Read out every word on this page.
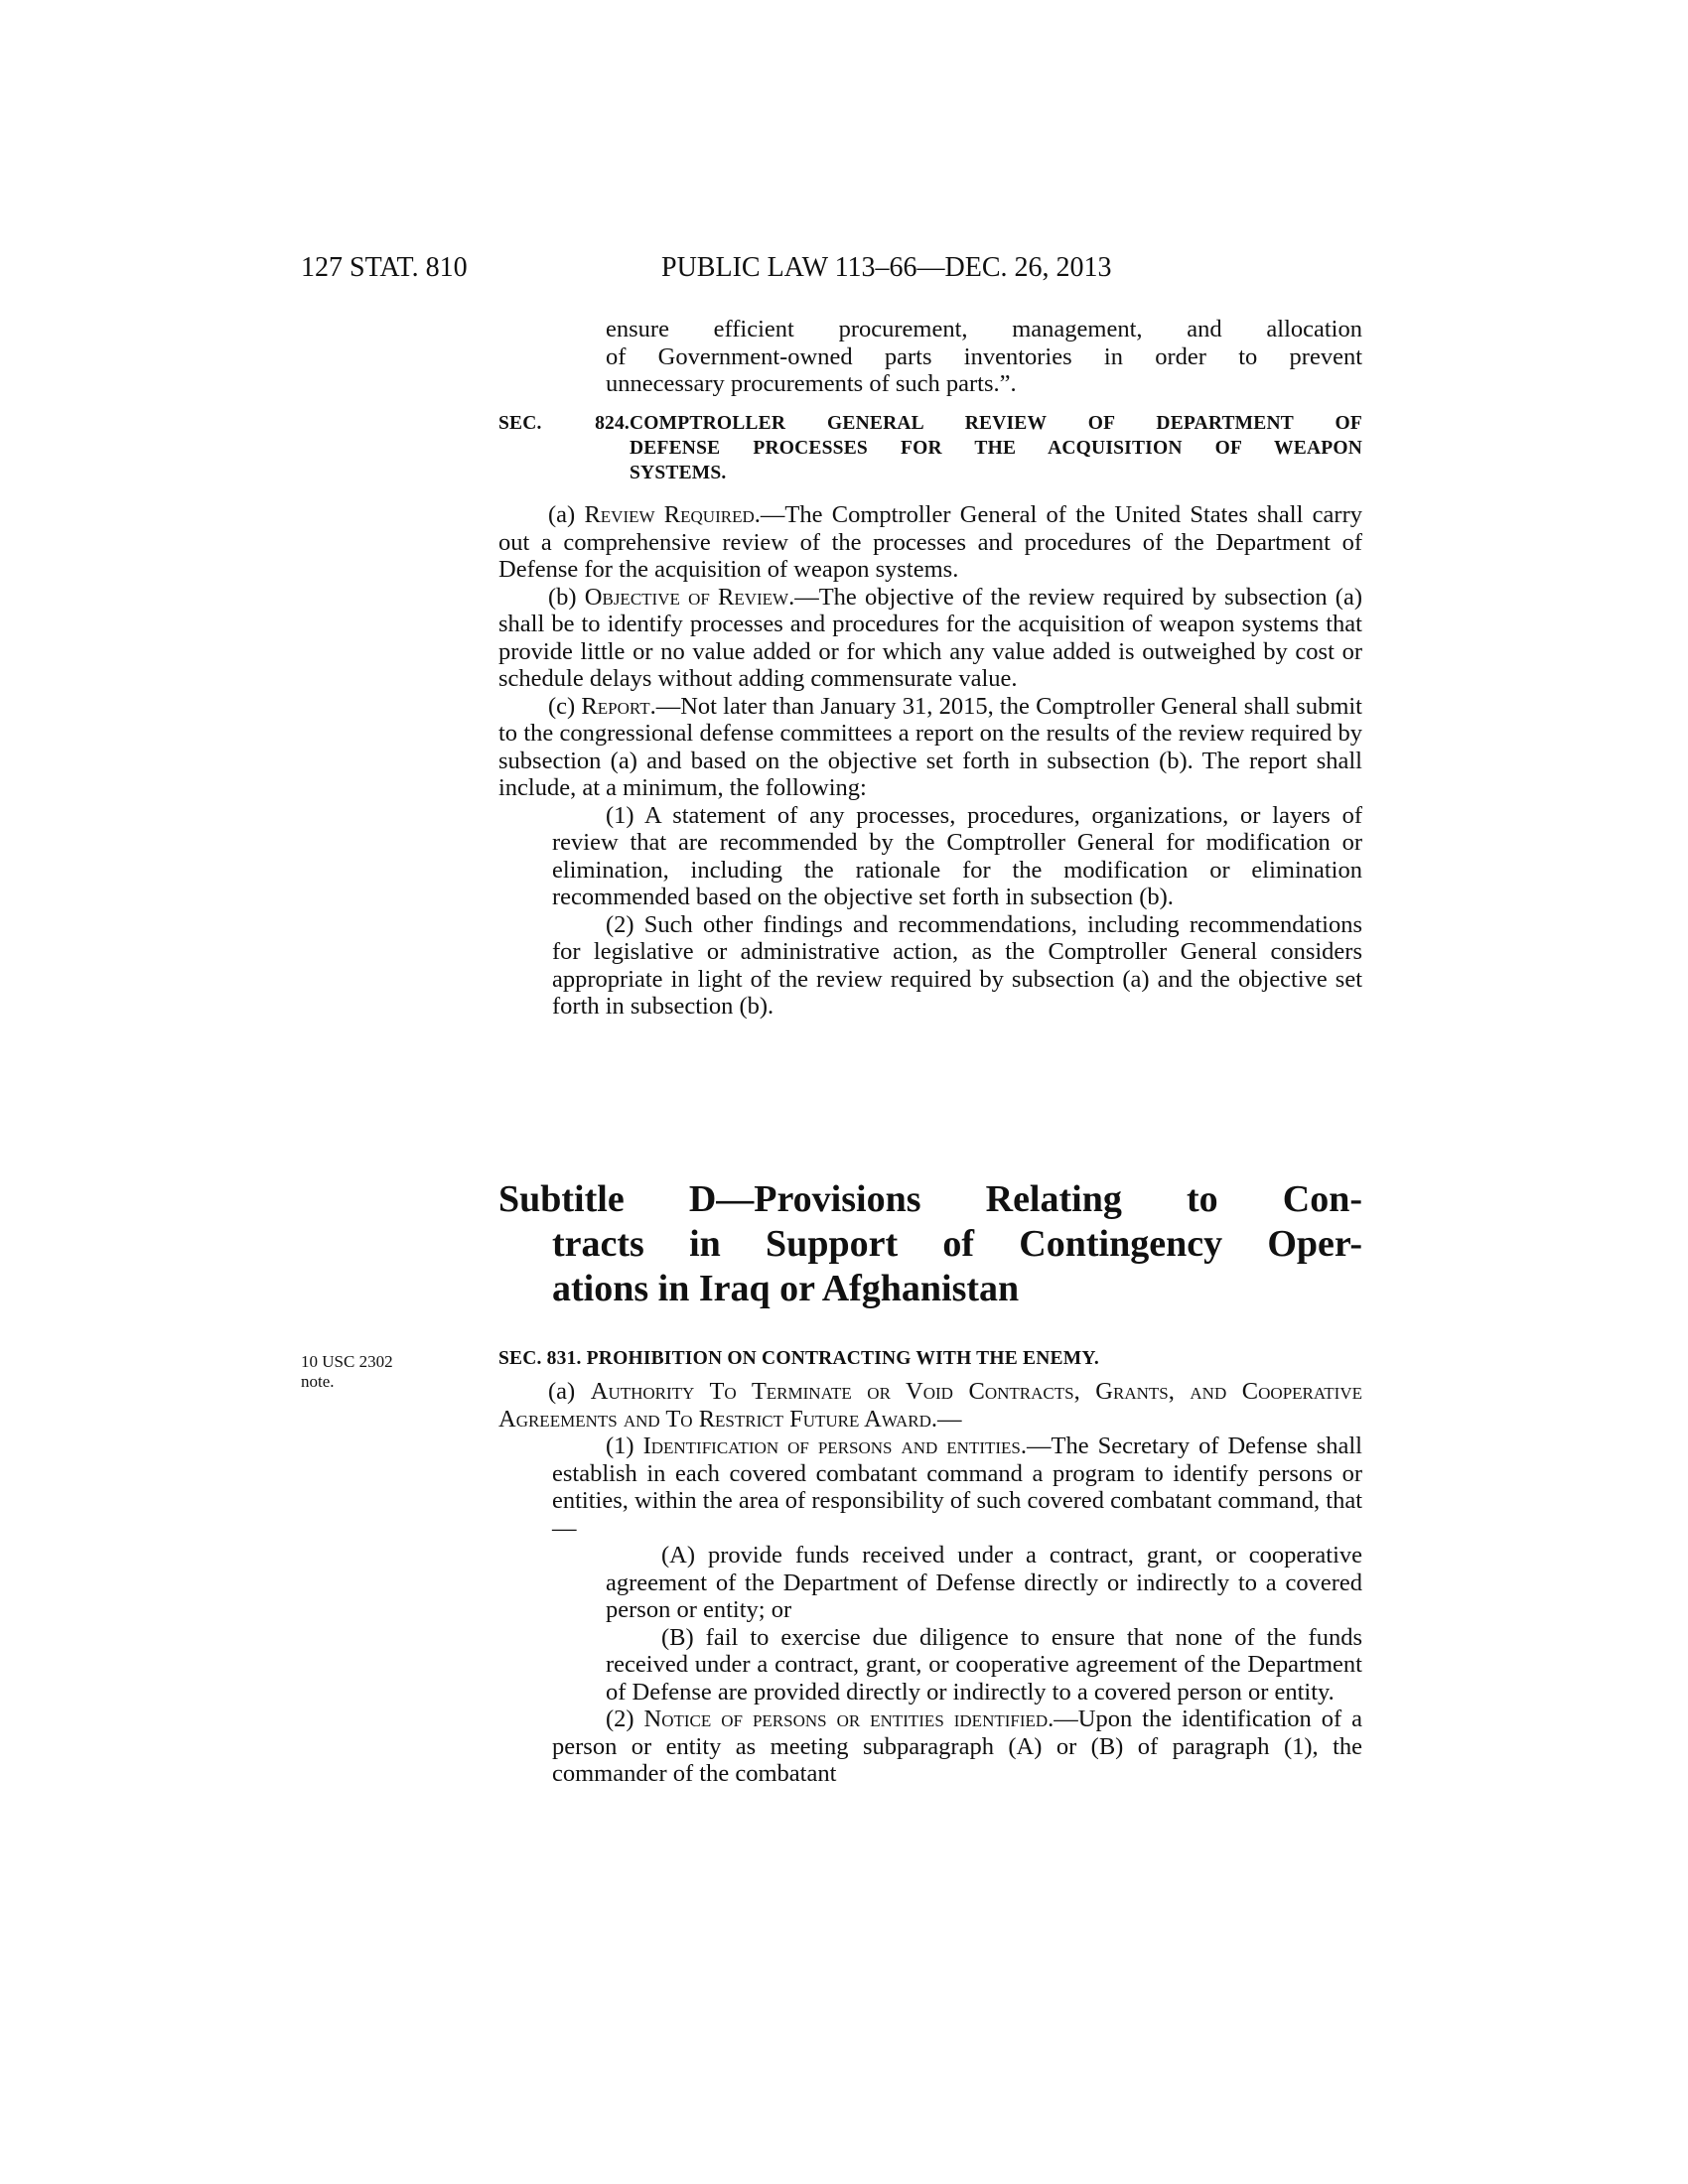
127 STAT. 810	PUBLIC LAW 113–66—DEC. 26, 2013
10 USC 2302
note.

ensure efficient procurement, management, and allocation

of Government-owned parts inventories in order to prevent

unnecessary procurements of such parts.”.

SEC. 824.COMPTROLLER GENERAL REVIEW OF DEPARTMENT OF

DEFENSE PROCESSES FOR THE ACQUISITION OF WEAPON

SYSTEMS.

(a) Review Required.—The Comptroller General of the United States shall carry out a comprehensive review of the processes and procedures of the Department of Defense for the acquisition of weapon systems.

(b) Objective of Review.—The objective of the review required by subsection (a) shall be to identify processes and procedures for the acquisition of weapon systems that provide little or no value added or for which any value added is outweighed by cost or schedule delays without adding commensurate value.

(c) Report.—Not later than January 31, 2015, the Comptroller General shall submit to the congressional defense committees a report on the results of the review required by subsection (a) and based on the objective set forth in subsection (b). The report shall include, at a minimum, the following:

(1) A statement of any processes, procedures, organizations, or layers of review that are recommended by the Comptroller General for modification or elimination, including the rationale for the modification or elimination recommended based on the objective set forth in subsection (b).

(2) Such other findings and recommendations, including recommendations for legislative or administrative action, as the Comptroller General considers appropriate in light of the review required by subsection (a) and the objective set forth in subsection (b).

Subtitle D—Provisions Relating to Con-

tracts in Support of Contingency Oper-

ations in Iraq or Afghanistan

SEC. 831. PROHIBITION ON CONTRACTING WITH THE ENEMY.

(a) Authority To Terminate or Void Contracts, Grants, and Cooperative Agreements and To Restrict Future Award.—

(1) Identification of persons and entities.—The Secretary of Defense shall establish in each covered combatant command a program to identify persons or entities, within the area of responsibility of such covered combatant command, that—

(A) provide funds received under a contract, grant, or cooperative agreement of the Department of Defense directly or indirectly to a covered person or entity; or

(B) fail to exercise due diligence to ensure that none of the funds received under a contract, grant, or cooperative agreement of the Department of Defense are provided directly or indirectly to a covered person or entity.

(2) Notice of persons or entities identified.—Upon the identification of a person or entity as meeting subparagraph (A) or (B) of paragraph (1), the commander of the combatant
